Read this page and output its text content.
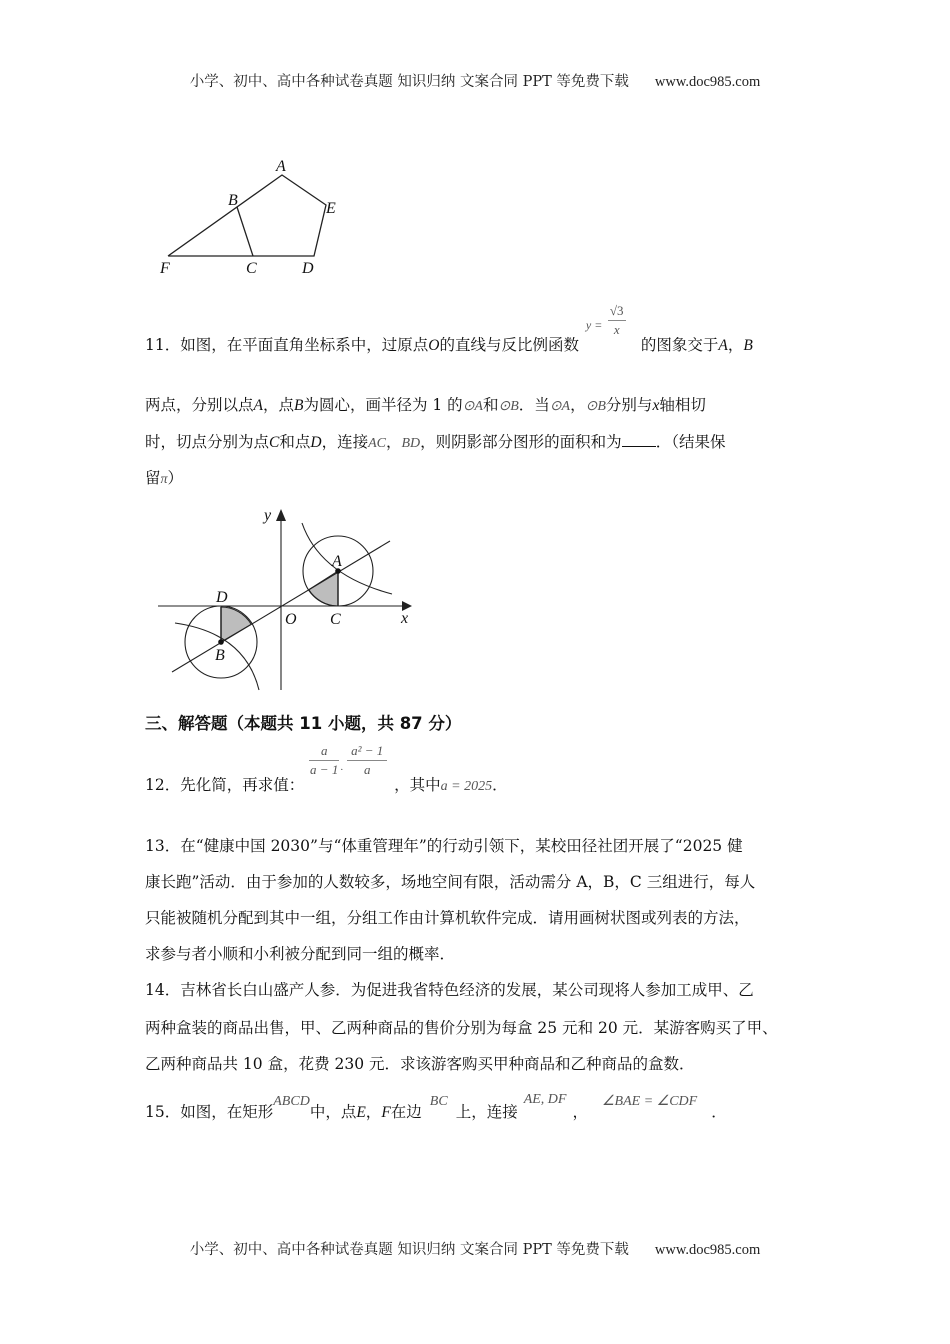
小学、初中、高中各种试卷真题 知识归纳 文案合同 PPT 等免费下载 www.doc985.com
A
B
C	D
E
F
11．如图，在平面直角坐标系中，过原点O的直线与反比例函数
$y = \frac{√3}{x}$
的图象交于A，B
两点，分别以点A，点B为圆心，画半径为 1 的⊙A和⊙B．当⊙A，⊙B分别与x轴相切
时，切点分别为点C和点D，连接AC，BD，则阴影部分图形的面积和为 ．（结果保
留π）
y
x
O
A
C
D
B
三、解答题（本题共 11 小题，共 87 分）
12．先化简，再求值：
$\frac{a}{a - 1} \cdot \frac{\text{a² − 1}}{a}$
，其中a = 2025．
13．在“健康中国 2030”与“体重管理年”的行动引领下，某校田径社团开展了“2025 健
康长跑”活动．由于参加的人数较多，场地空间有限，活动需分 A，B，C 三组进行，每人
只能被随机分配到其中一组，分组工作由计算机软件完成．请用画树状图或列表的方法，
求参与者小顺和小利被分配到同一组的概率．
14．吉林省长白山盛产人参．为促进我省特色经济的发展，某公司现将人参加工成甲、乙
两种盒装的商品出售，甲、乙两种商品的售价分别为每盒 25 元和 20 元．某游客购买了甲、
乙两种商品共 10 盒，花费 230 元．求该游客购买甲种商品和乙种商品的盒数．
15．如图，在矩形ABCD中，点E，F在边BC上，连接AE, DF，∠BAE = ∠CDF．
小学、初中、高中各种试卷真题 知识归纳 文案合同 PPT 等免费下载 www.doc985.com
